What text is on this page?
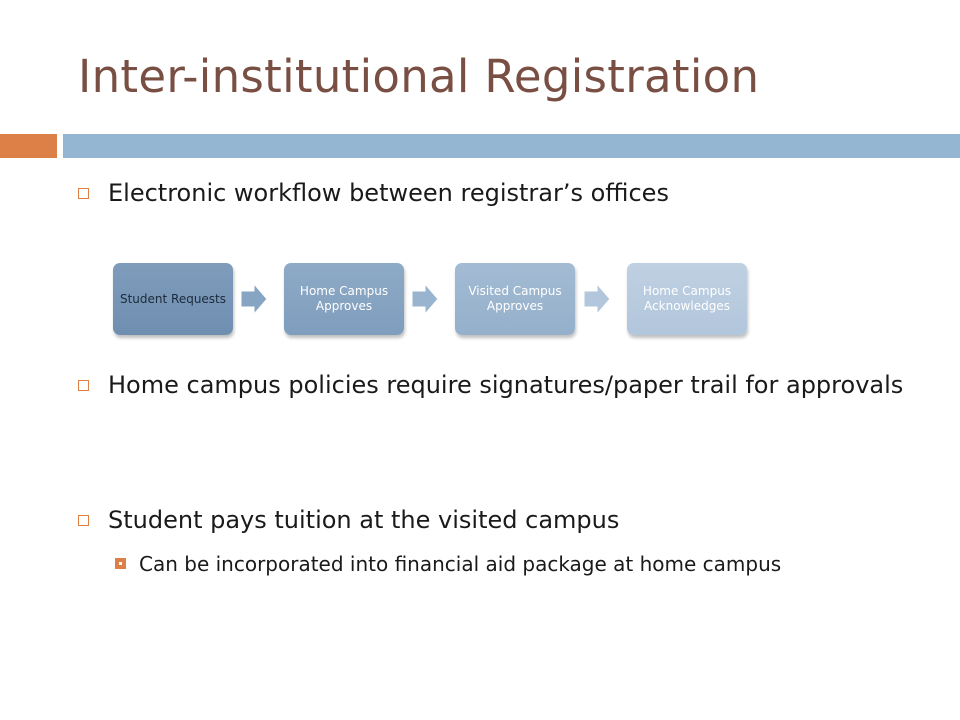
Inter-institutional Registration
Electronic workflow between registrar’s offices
Student Requests
Home Campus Approves
Visited Campus Approves
Home Campus Acknowledges
Home campus policies require signatures/paper trail for approvals
Student pays tuition at the visited campus
Can be incorporated into financial aid package at home campus
